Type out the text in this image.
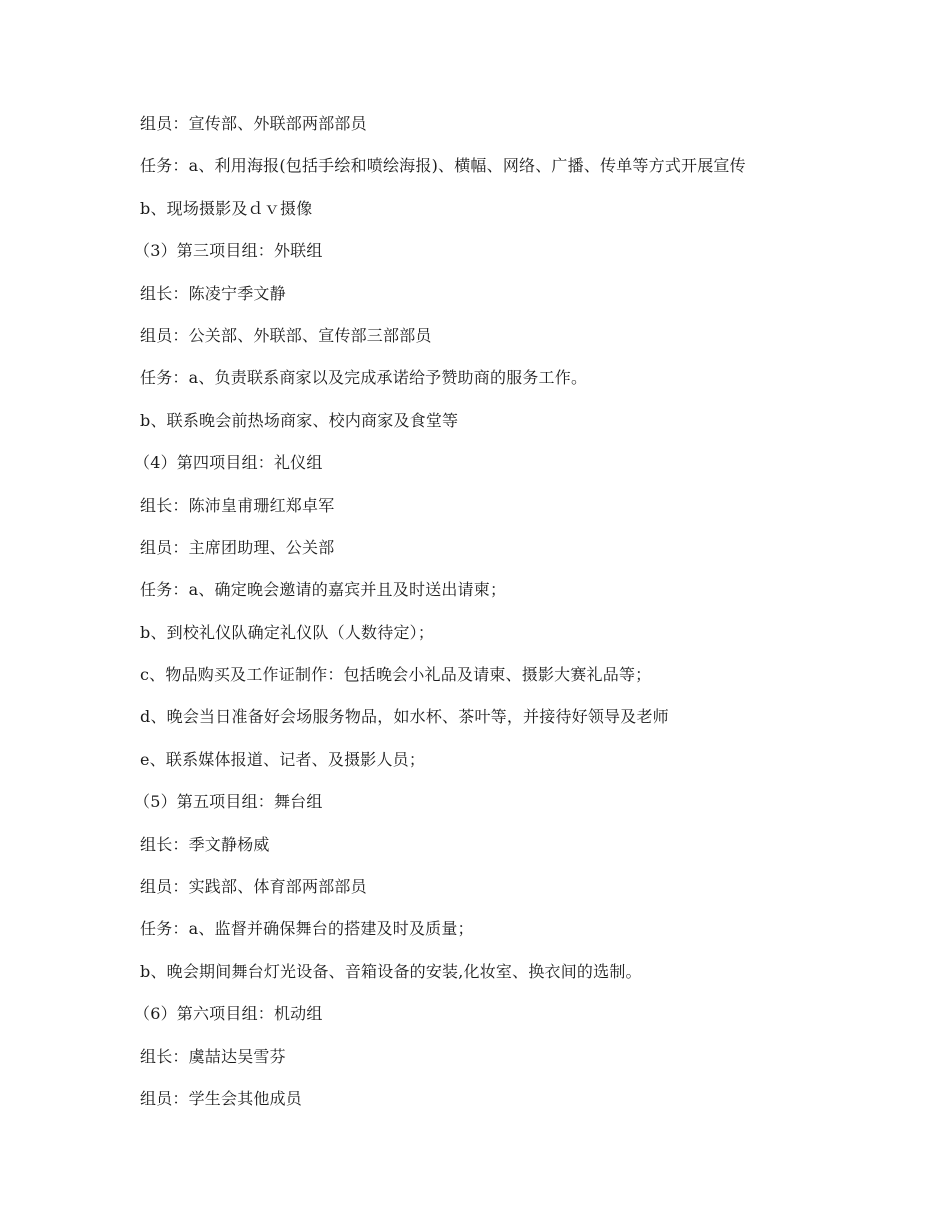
组员：宣传部、外联部两部部员
任务：a、利用海报(包括手绘和喷绘海报)、横幅、网络、广播、传单等方式开展宣传
b、现场摄影及ｄｖ摄像
（3）第三项目组：外联组
组长：陈凌宁季文静
组员：公关部、外联部、宣传部三部部员
任务：a、负责联系商家以及完成承诺给予赞助商的服务工作。
b、联系晚会前热场商家、校内商家及食堂等
（4）第四项目组：礼仪组
组长：陈沛皇甫珊红郑卓军
组员：主席团助理、公关部
任务：a、确定晚会邀请的嘉宾并且及时送出请柬；
b、到校礼仪队确定礼仪队（人数待定）；
c、物品购买及工作证制作：包括晚会小礼品及请柬、摄影大赛礼品等；
d、晚会当日准备好会场服务物品，如水杯、茶叶等，并接待好领导及老师
e、联系媒体报道、记者、及摄影人员；
（5）第五项目组：舞台组
组长：季文静杨威
组员：实践部、体育部两部部员
任务：a、监督并确保舞台的搭建及时及质量；
b、晚会期间舞台灯光设备、音箱设备的安装,化妆室、换衣间的选制。
（6）第六项目组：机动组
组长：虞喆达吴雪芬
组员：学生会其他成员
